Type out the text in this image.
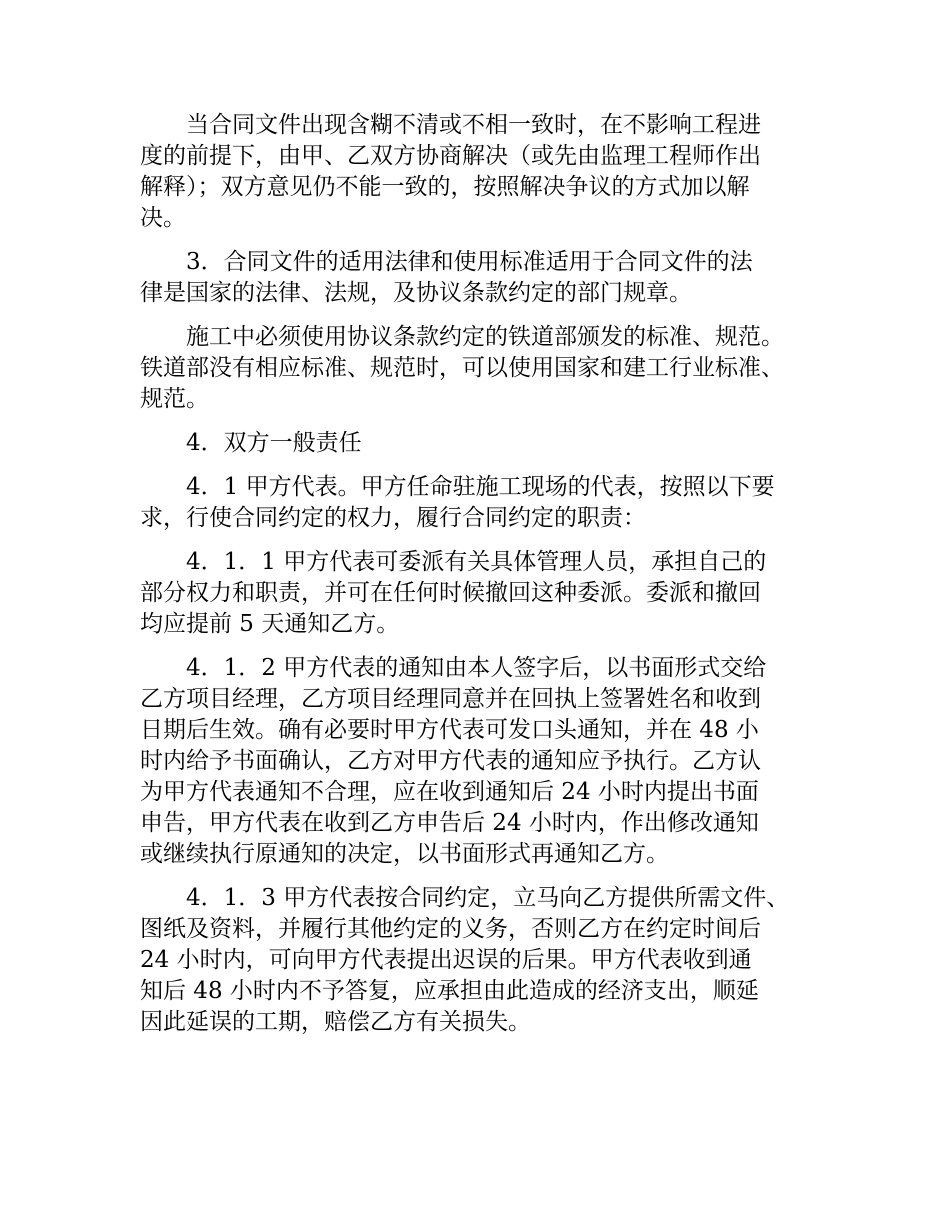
当合同文件出现含糊不清或不相一致时，在不影响工程进
度的前提下，由甲、乙双方协商解决（或先由监理工程师作出
解释）；双方意见仍不能一致的，按照解决争议的方式加以解
决。
3．合同文件的适用法律和使用标准适用于合同文件的法
律是国家的法律、法规，及协议条款约定的部门规章。
施工中必须使用协议条款约定的铁道部颁发的标准、规范。
铁道部没有相应标准、规范时，可以使用国家和建工行业标准、
规范。
4．双方一般责任
4．1 甲方代表。甲方任命驻施工现场的代表，按照以下要
求，行使合同约定的权力，履行合同约定的职责：
4．1．1 甲方代表可委派有关具体管理人员，承担自己的
部分权力和职责，并可在任何时候撤回这种委派。委派和撤回
均应提前 5 天通知乙方。
4．1．2 甲方代表的通知由本人签字后，以书面形式交给
乙方项目经理，乙方项目经理同意并在回执上签署姓名和收到
日期后生效。确有必要时甲方代表可发口头通知，并在 48 小
时内给予书面确认，乙方对甲方代表的通知应予执行。乙方认
为甲方代表通知不合理，应在收到通知后 24 小时内提出书面
申告，甲方代表在收到乙方申告后 24 小时内，作出修改通知
或继续执行原通知的决定，以书面形式再通知乙方。
4．1．3 甲方代表按合同约定，立马向乙方提供所需文件、
图纸及资料，并履行其他约定的义务，否则乙方在约定时间后
24 小时内，可向甲方代表提出迟误的后果。甲方代表收到通
知后 48 小时内不予答复，应承担由此造成的经济支出，顺延
因此延误的工期，赔偿乙方有关损失。
